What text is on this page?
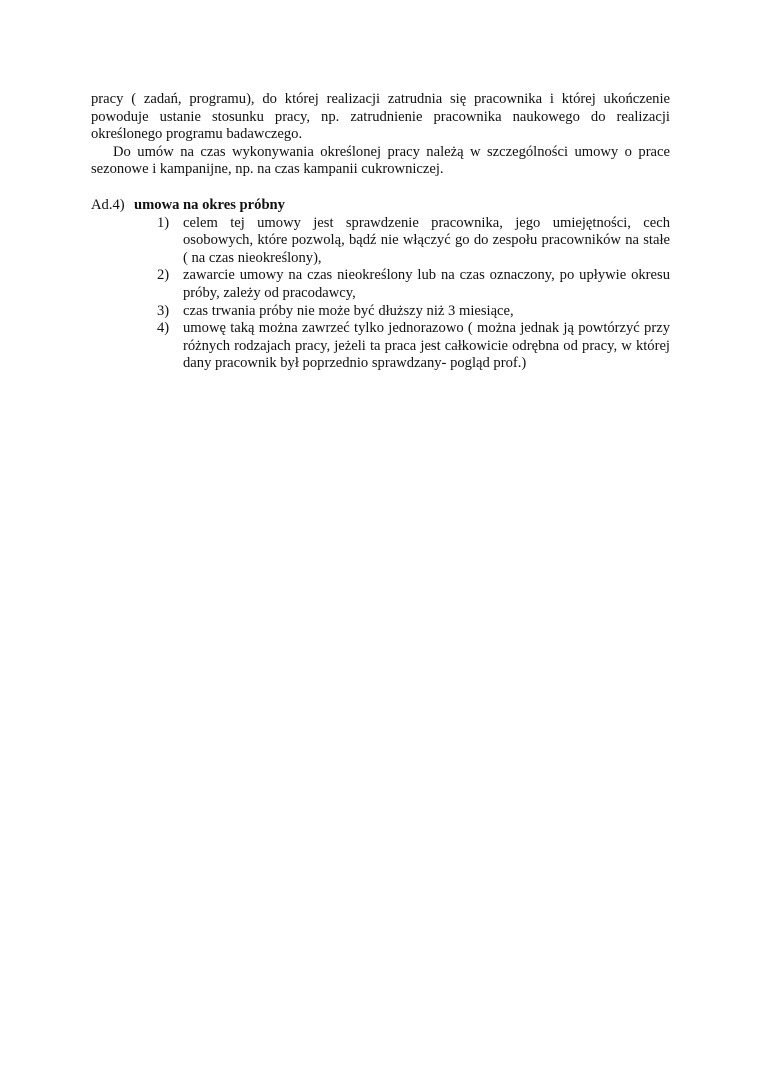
pracy ( zadań, programu), do której realizacji zatrudnia się pracownika i której ukończenie powoduje ustanie stosunku pracy, np. zatrudnienie pracownika naukowego do realizacji określonego programu badawczego.

Do umów na czas wykonywania określonej pracy należą w szczególności umowy o prace sezonowe i kampanijne, np. na czas kampanii cukrowniczej.

Ad.4) umowa na okres próbny
1) celem tej umowy jest sprawdzenie pracownika, jego umiejętności, cech osobowych, które pozwolą, bądź nie włączyć go do zespołu pracowników na stałe ( na czas nieokreślony),
2) zawarcie umowy na czas nieokreślony lub na czas oznaczony, po upływie okresu próby, zależy od pracodawcy,
3) czas trwania próby nie może być dłuższy niż 3 miesiące,
4) umowę taką można zawrzeć tylko jednorazowo ( można jednak ją powtórzyć przy różnych rodzajach pracy, jeżeli ta praca jest całkowicie odrębna od pracy, w której dany pracownik był poprzednio sprawdzany- pogląd prof.)
